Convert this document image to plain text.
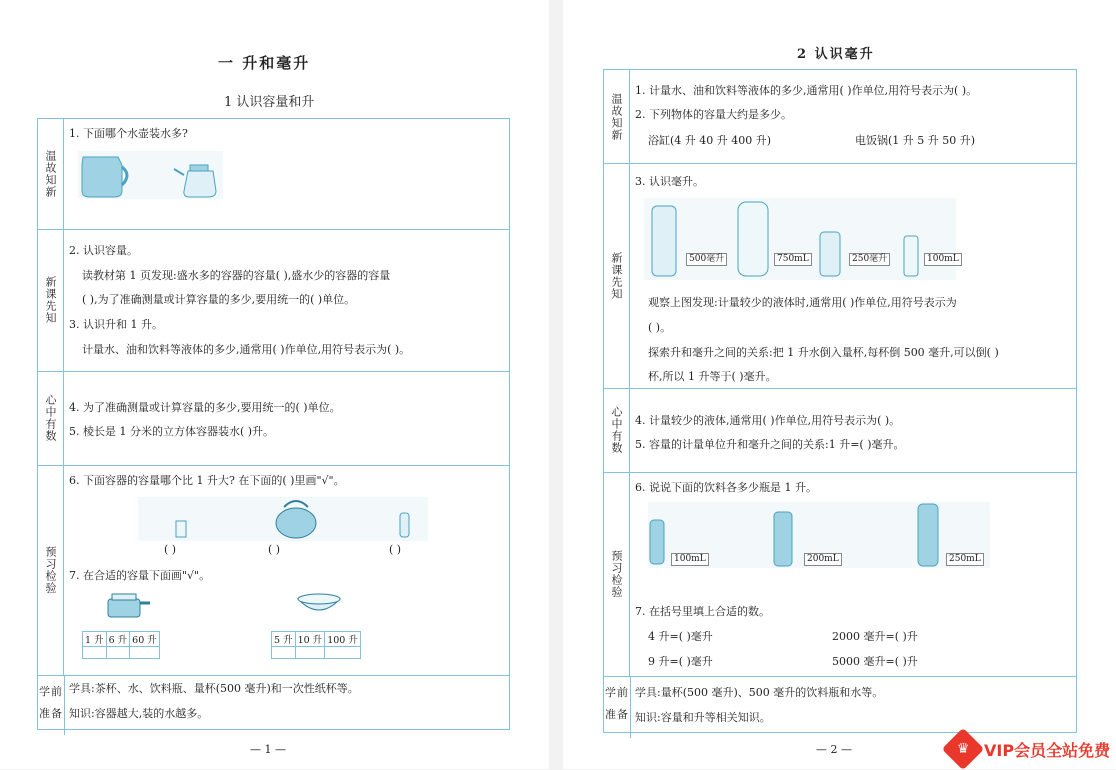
一 升和毫升
1 认识容量和升
温故知新
1. 下面哪个水壶装水多?
新课先知
2. 认识容量。
读教材第 1 页发现:盛水多的容器的容量( ),盛水少的容器的容量
( ),为了准确测量或计算容量的多少,要用统一的( )单位。
3. 认识升和 1 升。
计量水、油和饮料等液体的多少,通常用( )作单位,用符号表示为( )。
心中有数	4. 为了准确测量或计算容量的多少,要用统一的( )单位。
5. 棱长是 1 分米的立方体容器装水( )升。
预习检验
6. 下面容器的容量哪个比 1 升大? 在下面的( )里画"√"。
( )	( )	( )
7. 在合适的容量下面画"√"。
1 升	6 升	60 升
			5 升	10 升	100 升

学前
准备
学具:茶杯、水、饮料瓶、量杯(500 毫升)和一次性纸杯等。
知识:容器越大,装的水越多。
— 1 —
2 认识毫升
温故知新
1. 计量水、油和饮料等液体的多少,通常用( )作单位,用符号表示为( )。
2. 下列物体的容量大约是多少。
浴缸(4 升 40 升 400 升)	电饭锅(1 升 5 升 50 升)
新课先知
3. 认识毫升。
500毫升	750mL	250毫升	100mL
观察上图发现:计量较少的液体时,通常用( )作单位,用符号表示为
( )。
探索升和毫升之间的关系:把 1 升水倒入量杯,每杯倒 500 毫升,可以倒( )
杯,所以 1 升等于( )毫升。
心中有数	4. 计量较少的液体,通常用( )作单位,用符号表示为( )。
5. 容量的计量单位升和毫升之间的关系:1 升=( )毫升。
预习检验
6. 说说下面的饮料各多少瓶是 1 升。
100mL	200mL	250mL
7. 在括号里填上合适的数。
4 升=( )毫升	2000 毫升=( )升
9 升=( )毫升	5000 毫升=( )升
学前
准备
学具:量杯(500 毫升)、500 毫升的饮料瓶和水等。
知识:容量和升等相关知识。
— 2 —	♛ VIP会员全站免费
